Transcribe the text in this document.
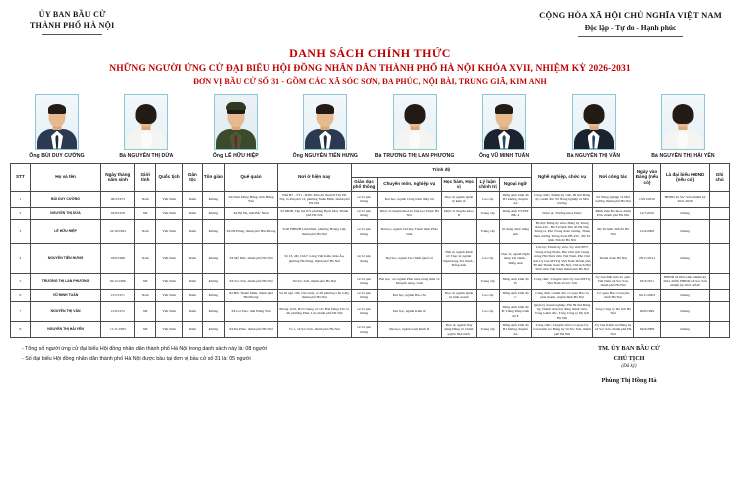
ỦY BAN BẦU CỬ
THÀNH PHỐ HÀ NỘI
CỘNG HÒA XÃ HỘI CHỦ NGHĨA VIỆT NAM
Độc lập - Tự do - Hạnh phúc
DANH SÁCH CHÍNH THỨC
NHỮNG NGƯỜI ỨNG CỬ ĐẠI BIỂU HỘI ĐỒNG NHÂN DÂN THÀNH PHỐ HÀ NỘI KHÓA XVII, NHIỆM KỲ 2026-2031
ĐƠN VỊ BẦU CỬ SỐ 31 - GỒM CÁC XÃ SÓC SƠN, ĐA PHÚC, NỘI BÀI, TRUNG GIÃ, KIM ANH
Ông BÙI DUY CƯỜNG	Bà NGUYỄN THỊ DỨA	Ông LÊ HỮU HIỆP	Ông NGUYỄN TIẾN HƯNG	Bà TRƯƠNG THỊ LAN PHƯƠNG	Ông VŨ MINH TUẤN	Bà NGUYỄN THỊ VÂN	Bà NGUYỄN THỊ HẢI YẾN
STT	Họ và tên	Ngày tháng năm sinh	Giới tính	Quốc tịch	Dân tộc	Tôn giáo	Quê quán	Nơi ở hiện nay	Trình độ					Nghề nghiệp, chức vụ	Nơi công tác	Ngày vào Đảng (nếu có)	Là đại biểu HĐND (nếu có)	Ghi chú
									Giáo dục phổ thông	Chuyên môn, nghiệp vụ	Học hàm, Học vị	Lý luận chính trị	Ngoại ngữ					
1	BÙI DUY CƯỜNG	06/3/1973	Nam	Việt Nam	Kinh	Không	Xã Nam Đồng Hưng, tỉnh Hưng Yên	Nhà H7 - TT1 - RT61 Khu đô thị mới Tây Hồ Tây, tổ dân phố 14, phường Xuân Đỉnh, thành phố Hà Nội	12/12 phổ thông	Đại học, ngành Công trình thủy lợi	Thạc sĩ, ngành Quản lý kinh tế	Cao cấp	Tiếng Anh trình độ B1 không chuyên A2	Công chức; Thành ủy viên, Bí thư Đảng ủy, Giám đốc Sở Nông nghiệp và Môi trường	Sở Nông nghiệp và Môi trường thành phố Hà Nội	13/01/2010	HĐND xã Sóc Sơn nhiệm kỳ 2021-2026	
2	NGUYỄN THỊ DỨA	02/8/1978	Nữ	Việt Nam	Kinh	Không	Xã Bố Hạ, tỉnh Bắc Ninh	Số 6B2B, Tập thể 8/3, phường Bạch Mai, Thành phố Hà Nội	12/12 phổ thông	Dược sĩ chuyên khoa II, Đại học Dược Hà Nội	Dược sĩ chuyên khoa II	Trung cấp	Tiếng Anh VSTEP Bậc 4	Dược sĩ, Trưởng khoa Dược	Bệnh viện Đa khoa Xanh Pôn, thành phố Hà Nội	14/7/2010	Không	
3	LÊ HỮU HIỆP	22/10/1984	Nam	Việt Nam	Kinh	Không	Xã Hà Đông, thành phố Hải Phòng	3140 HH02B Linh Đàm, phường Hoàng Liệt, thành phố Hà Nội	12/12 phổ thông	Đại học, ngành Chỉ huy Tham mưu Pháo binh		Trung cấp	Số dụng được tiếng anh	Bộ đội; Đảng ủy viên, Đảng ủy Trung đoàn 432 - Bộ Tư lệnh Thủ đô Hà Nội, Trung tá, Phó Trung đoàn trưởng, Tham mưu trưởng Trung đoàn PB 432 - Bộ Tư lệnh Thủ đô Hà Nội	Bộ Tư lệnh Thủ đô Hà Nội	21/6/2008	Không	
4	NGUYỄN TIẾN HƯNG	03/6/1988	Nam	Việt Nam	Kinh	Không	Xã Mỹ Đức, thành phố Hà Nội	Số 13, dãy 16A7, Làng Việt Kiều châu Âu, phường Hà Đông, thành phố Hà Nội	12/12 phổ thông	Đại học, ngành Tài chính Quốc tế	Tiến sĩ, ngành Kinh tế; Thạc sĩ, ngành Ngân hàng Tài chính - Tiếng Anh	Cao cấp	Thạc sĩ, ngành Ngân hàng Tài chính - Tiếng Anh	Cán bộ; Thành ủy viên, Ủy viên BTV Trung ương Đoàn, Phó Chủ tịch Trung ương Hội Sinh viên Việt Nam, Phó Chủ tịch Ủy ban MTTQ Việt Nam Thành phố, Bí thư Thành đoàn Hà Nội, Chủ tịch Hội Sinh viên Việt Nam thành phố Hà Nội	Thành đoàn Hà Nội	28/11/2014	Không	
5	TRƯƠNG THỊ LAN PHƯƠNG	02/12/1986	Nữ	Việt Nam	Kinh	Không	Xã Sóc Sơn, thành phố Hà Nội	Xã Sóc Sơn, thành phố Hà Nội	12/12 phổ thông	Đại học, các ngành Phát triển nông thôn và Khuyến nông, Luật		Trung cấp	Tiếng Anh trình độ B	Công chức; Chuyên viên Ủy ban MTTQ Việt Nam xã Sóc Sơn	Ủy ban Mặt trận Tổ quốc Việt Nam xã Sóc Sơn, thành phố Hà Nội	03/3/2011	HĐND xã Phú Linh nhiệm kỳ 2021-2026, HĐND xã Sóc Sơn nhiệm kỳ 2021-2026	
6	VŨ MINH TUẤN	21/5/1971	Nam	Việt Nam	Kinh	Không	Xã Bắc Thanh Miện, thành phố Hải Phòng	Số 20 ngõ 109, Cầu Giấy, tổ 28 phường Cầu Giấy, thành phố Hà Nội	12/12 phổ thông	Đại học, ngành Báo chí	Thạc sĩ, ngành Quản trị kinh doanh	Cao cấp	Tiếng Anh trình độ C	Công chức; Giám đốc cơ quan Báo và phát thanh, truyền hình Hà Nội	Cơ quan Báo và truyền hình Hà Nội	04/11/2004	Không	
7	NGUYỄN THỊ VÂN	12/9/1972	Nữ	Việt Nam	Kinh	Không	Xã Lạc Đạo, tỉnh Hưng Yên	Phòng 1102, B13 Chung cư các Ban Đảng TW, tổ 46, phường Phúc Lợi, thành phố Hà Nội	12/12 phổ thông	Đại học, ngành Kinh tế		Cao cấp	Tiếng Anh trình độ B; Tiếng Pháp trình độ E	Quản lý doanh nghiệp; Phó Bí thư Đảng ủy, Thành viên hội đồng thành viên, Tổng Giám đốc, Tổng Công ty Du lịch Hà Nội	Tổng Công ty Du lịch Hà Nội	09/6/1999	Không	
8	NGUYỄN THỊ HẢI YẾN	11/11/1983	Nữ	Việt Nam	Kinh	Không	Xã Đa Phúc, thành phố Hà Nội	Tổ 1, xã Sóc Sơn, thành phố Hà Nội	12/12 phổ thông	Đại học, ngành Luật Kinh tế	Thạc sĩ, ngành Xây dựng Đảng và Chính quyền Nhà nước	Trung cấp	Tiếng Anh trình độ B1 không chuyên A2	Công chức; Chuyên viên Cơ quan Ủy ban Kiểm tra Đảng ủy xã Sóc Sơn, thành phố Hà Nội	Ủy ban Kiểm tra Đảng ủy xã Sóc Sơn, thành phố Hà Nội	04/6/2008	Không	
- Tổng số người ứng cử đại biểu Hội đồng nhân dân thành phố Hà Nội trong danh sách này là: 08 người
- Số đại biểu Hội đồng nhân dân thành phố Hà Nội được bầu tại đơn vị bầu cử số 31 là: 05 người
TM. ỦY BAN BẦU CỬ
CHỦ TỊCH
(Đã ký)
Phùng Thị Hồng Hà
